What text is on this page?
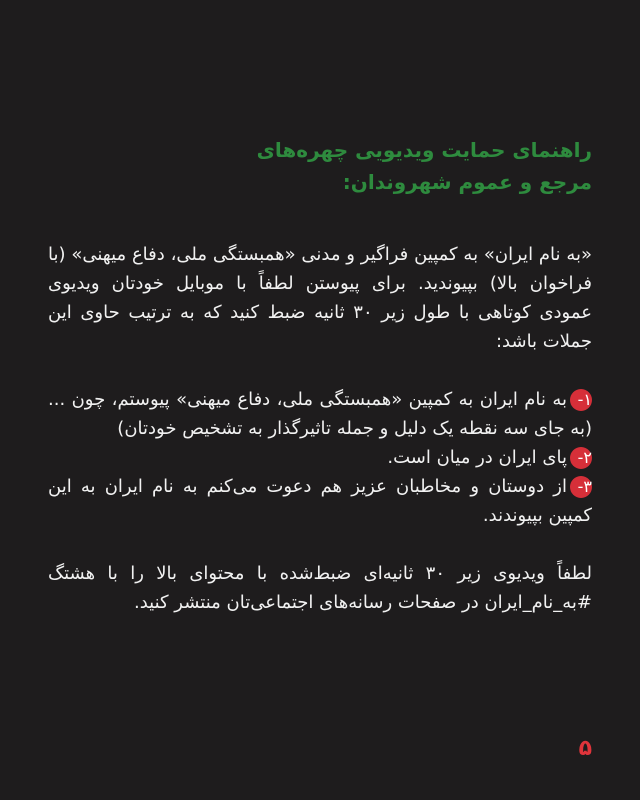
راهنمای حمایت ویدیویی چهره‌های
مرجع و عموم شهروندان:

«به نام ایران» به کمپین فراگیر و مدنی «همبستگی ملی، دفاع میهنی» (با فراخوان بالا) بپیوندید. برای پیوستن لطفاً با موبایل خودتان ویدیوی عمودی کوتاهی با طول زیر ۳۰ ثانیه ضبط کنید که به ترتیب حاوی این جملات باشد:

۱-به نام ایران به کمپین «همبستگی ملی، دفاع میهنی» پیوستم، چون ... (به جای سه نقطه یک دلیل و جمله تاثیرگذار به تشخیص خودتان)
۲-پای ایران در میان است.
۳-از دوستان و مخاطبان عزیز هم دعوت می‌کنم به نام ایران به این کمپین بپیوندند.

لطفاً ویدیوی زیر ۳۰ ثانیه‌ای ضبط‌شده با محتوای بالا را با هشتگ #به_نام_ایران در صفحات رسانه‌های اجتماعی‌تان منتشر کنید.

۵
